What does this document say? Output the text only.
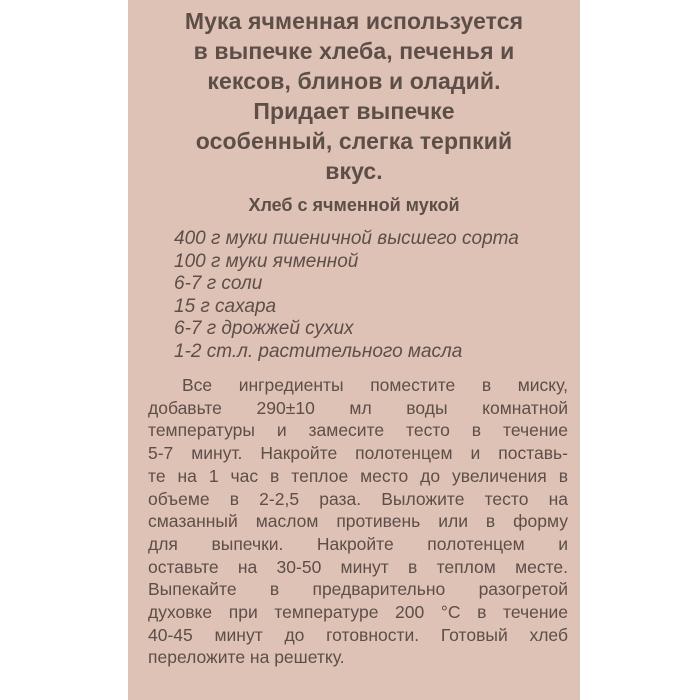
Мука ячменная используется
в выпечке хлеба, печенья и
кексов, блинов и оладий.
Придает выпечке
особенный, слегка терпкий
вкус.
Хлеб с ячменной мукой
400 г муки пшеничной высшего сорта
100 г муки ячменной
6-7 г соли
15 г сахара
6-7 г дрожжей сухих
1-2 ст.л. растительного масла
Все ингредиенты поместите в миску,
добавьте 290±10 мл воды комнатной
температуры и замесите тесто в течение
5-7 минут. Накройте полотенцем и поставь-
те на 1 час в теплое место до увеличения в
объеме в 2-2,5 раза. Выложите тесто на
смазанный маслом противень или в форму
для выпечки. Накройте полотенцем и
оставьте на 30-50 минут в теплом месте.
Выпекайте в предварительно разогретой
духовке при температуре 200 °С в течение
40-45 минут до готовности. Готовый хлеб
переложите на решетку.
